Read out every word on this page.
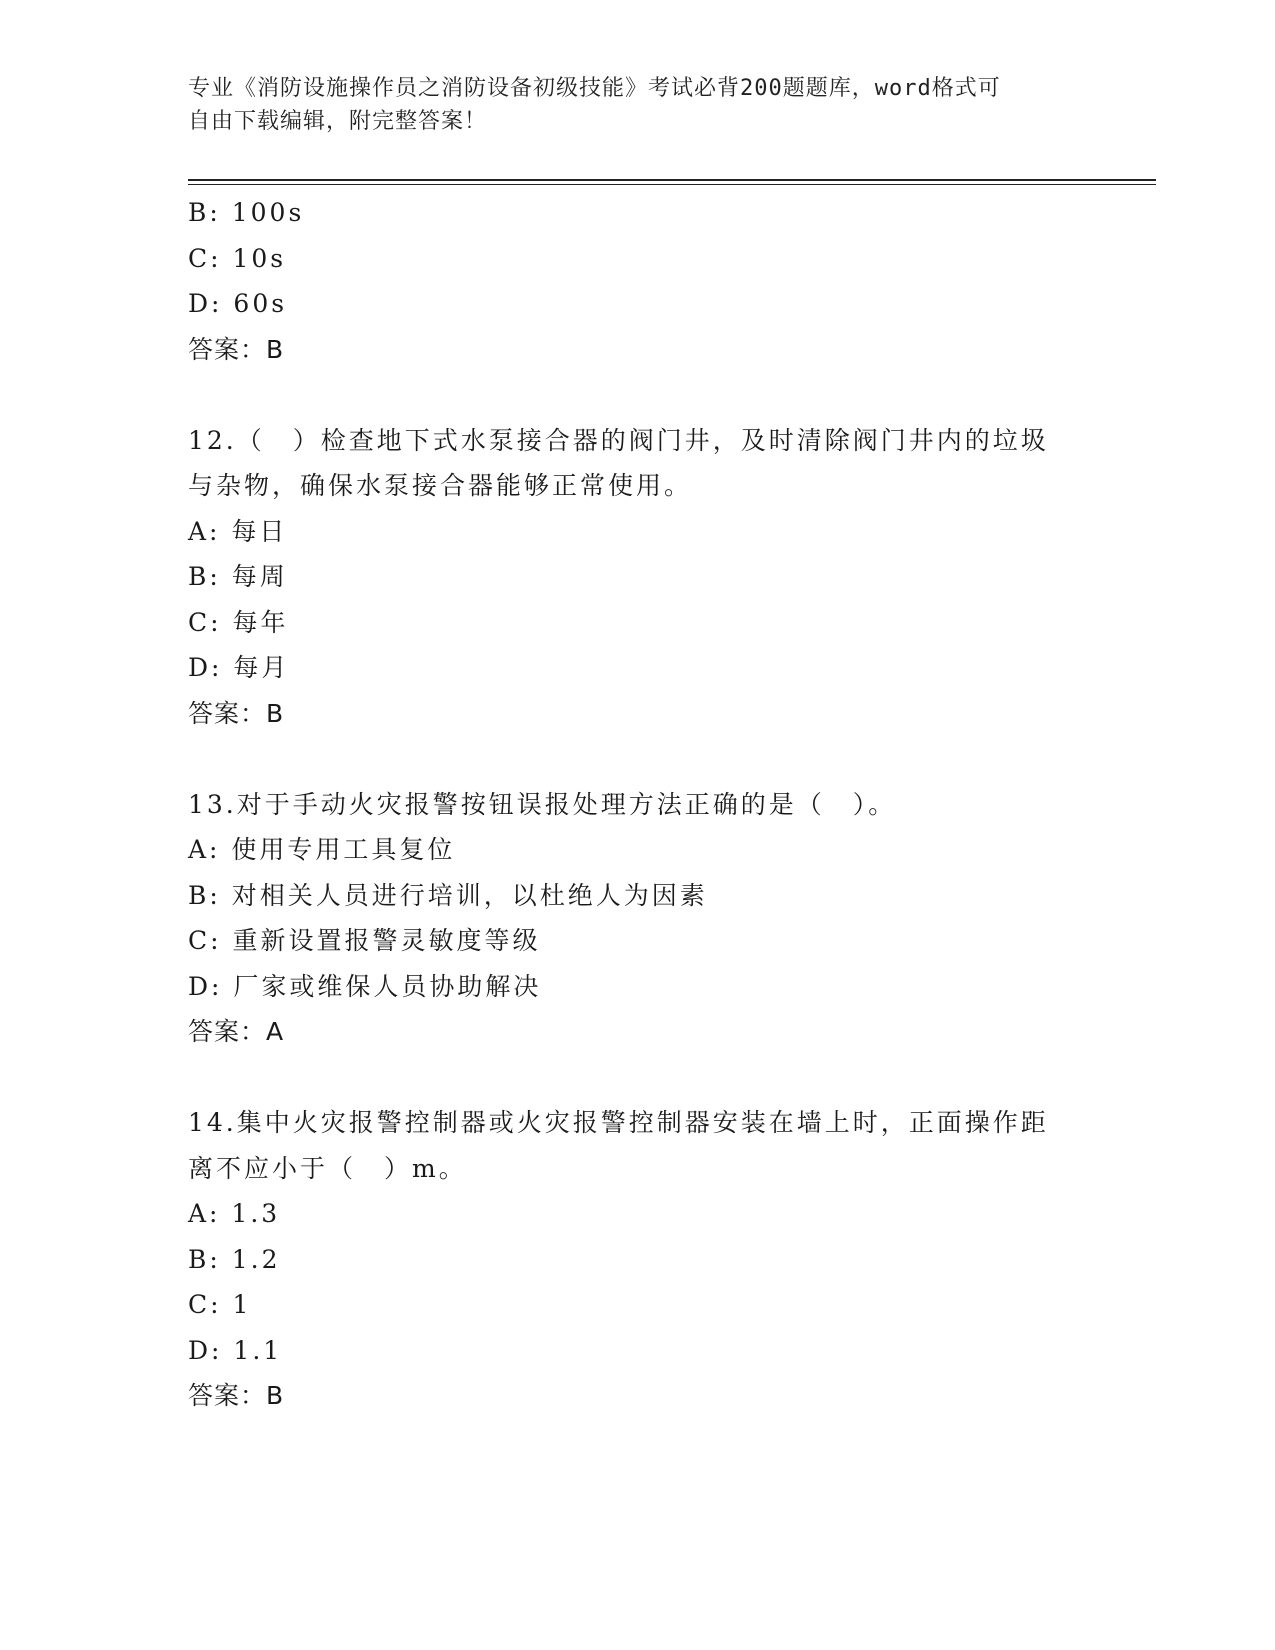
专业《消防设施操作员之消防设备初级技能》考试必背200题题库，word格式可
自由下载编辑，附完整答案！
B: 100s
C: 10s
D: 60s
答案：B
12.（　）检查地下式水泵接合器的阀门井，及时清除阀门井内的垃圾
与杂物，确保水泵接合器能够正常使用。
A: 每日
B: 每周
C: 每年
D: 每月
答案：B
13.对于手动火灾报警按钮误报处理方法正确的是（　）。
A: 使用专用工具复位
B: 对相关人员进行培训，以杜绝人为因素
C: 重新设置报警灵敏度等级
D: 厂家或维保人员协助解决
答案：A
14.集中火灾报警控制器或火灾报警控制器安装在墙上时，正面操作距
离不应小于（　）m。
A: 1.3
B: 1.2
C: 1
D: 1.1
答案：B
